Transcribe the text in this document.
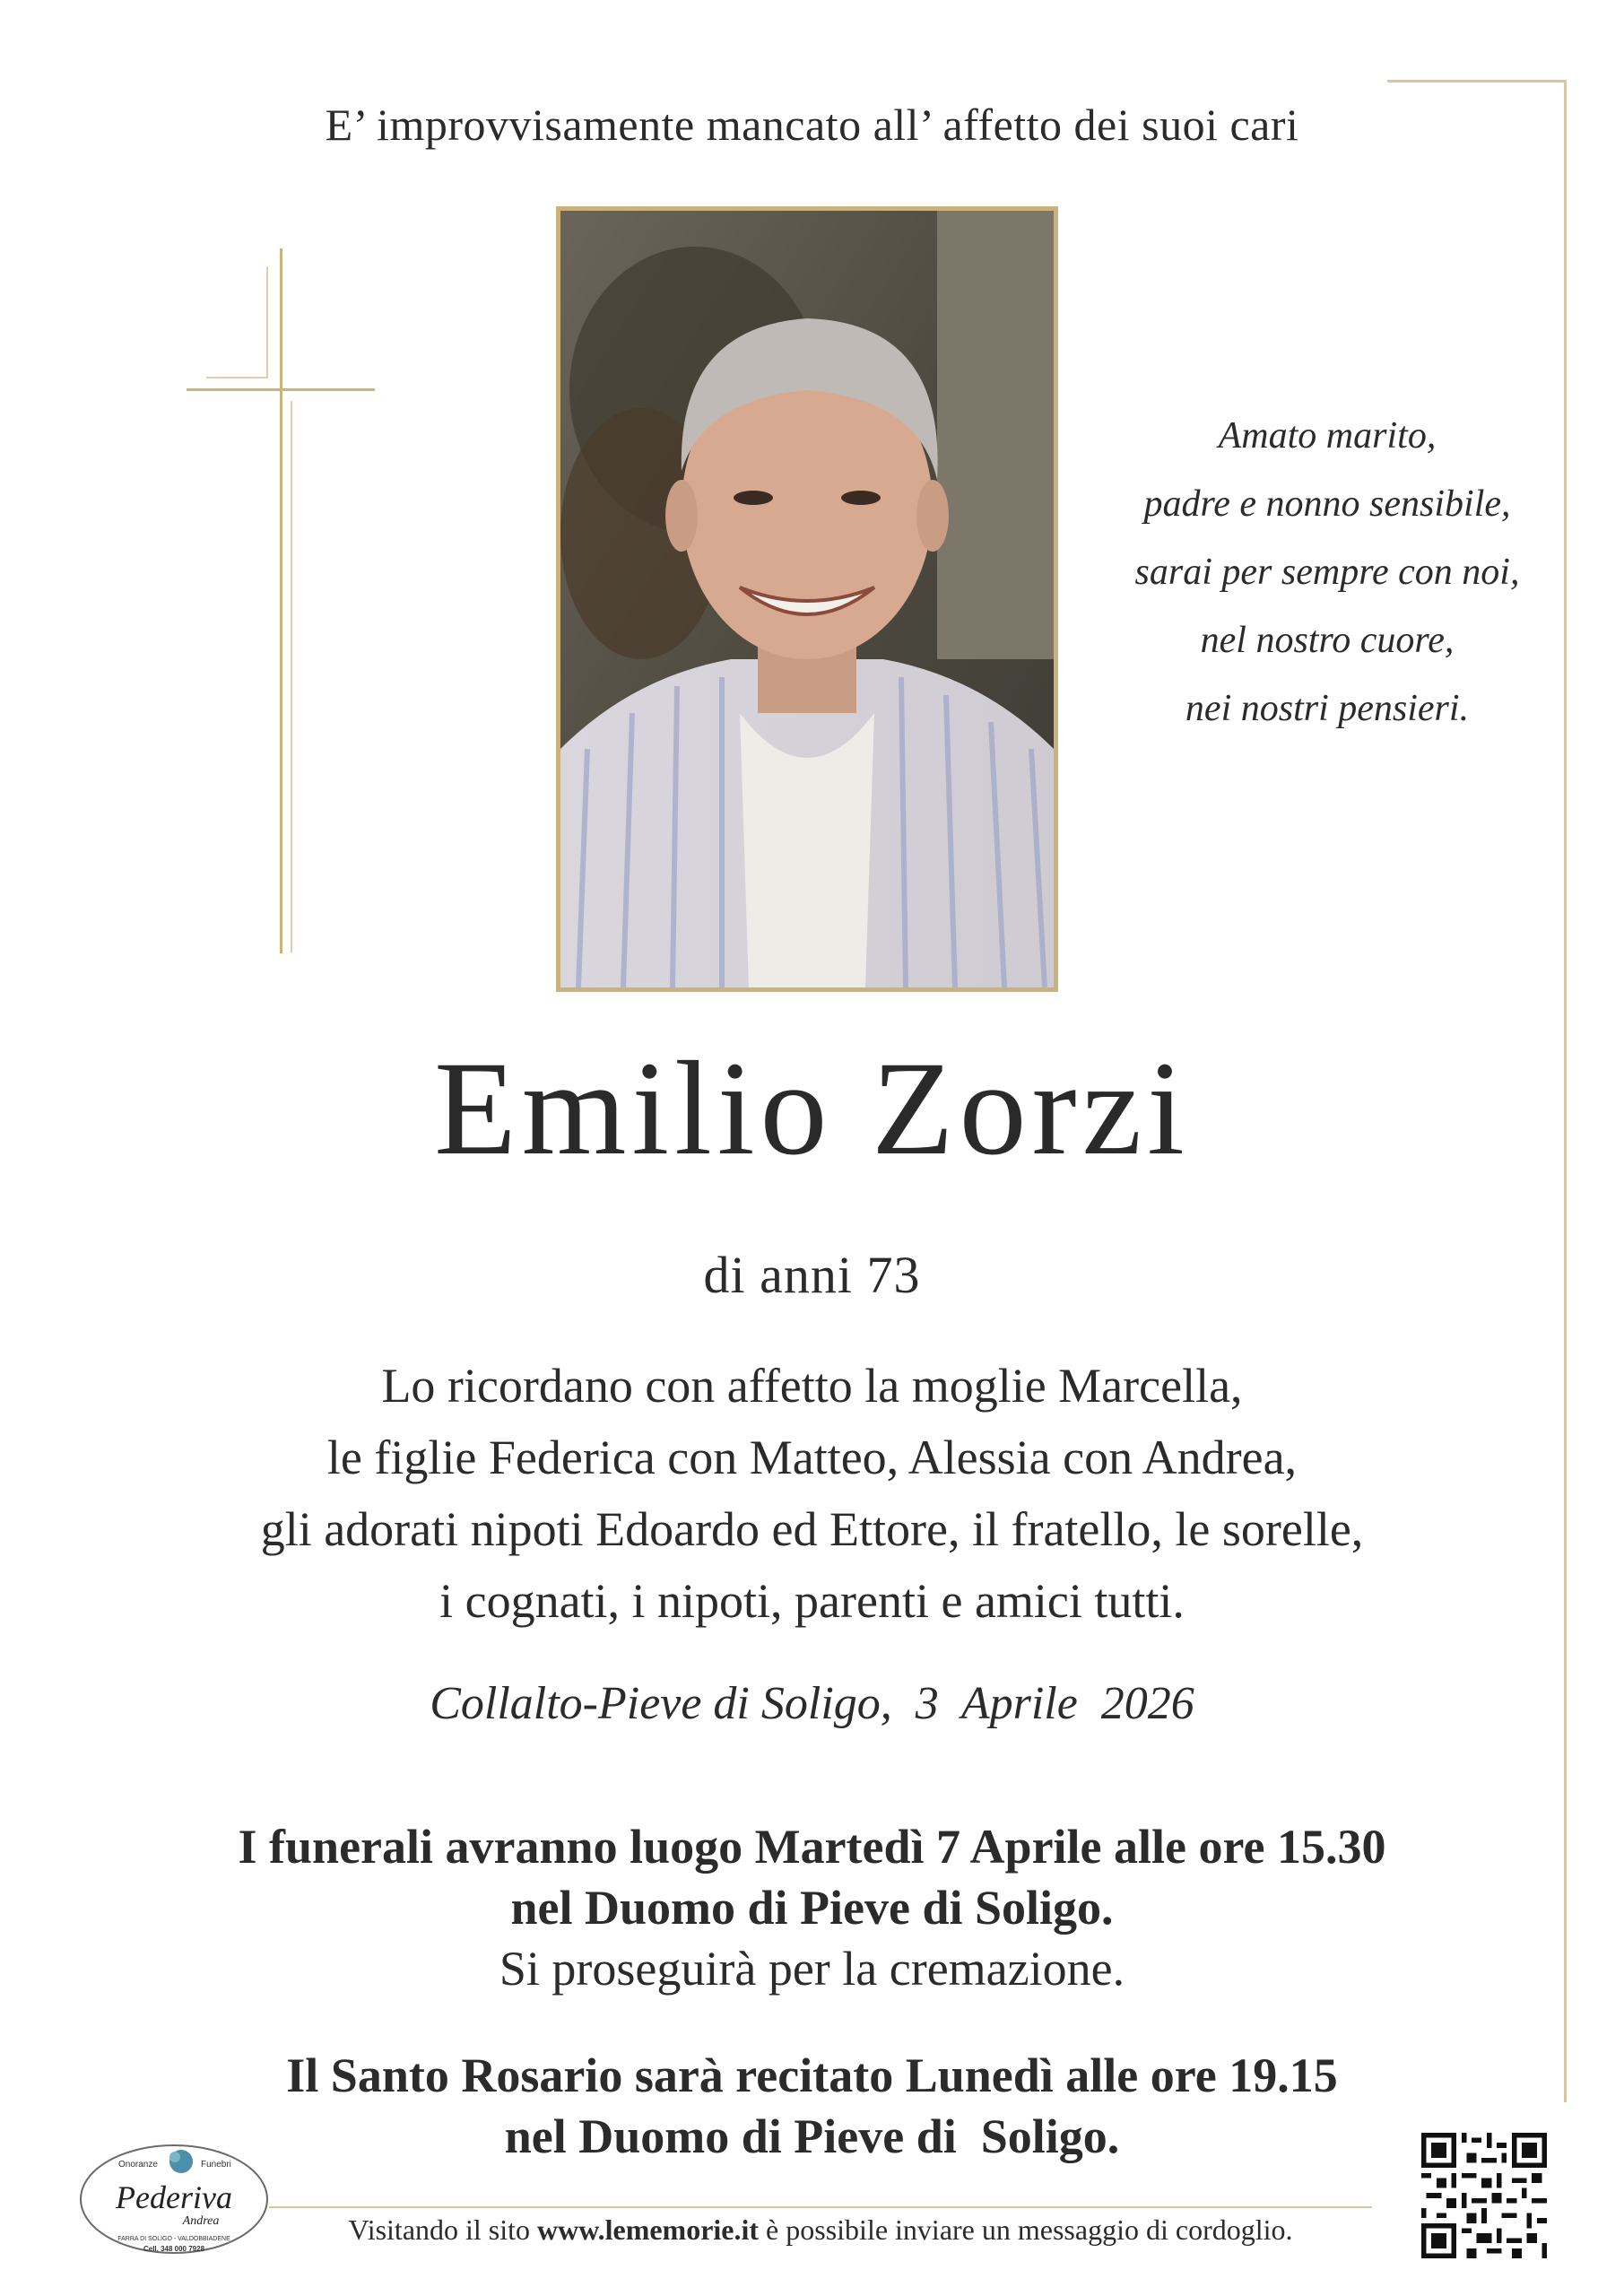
E’ improvvisamente mancato all’ affetto dei suoi cari
Amato marito,
padre e nonno sensibile,
sarai per sempre con noi,
nel nostro cuore,
nei nostri pensieri.
Emilio Zorzi
di anni 73
Lo ricordano con affetto la moglie Marcella,
le figlie Federica con Matteo, Alessia con Andrea,
gli adorati nipoti Edoardo ed Ettore, il fratello, le sorelle,
i cognati, i nipoti, parenti e amici tutti.
Collalto-Pieve di Soligo,  3  Aprile  2026
I funerali avranno luogo Martedì 7 Aprile alle ore 15.30
nel Duomo di Pieve di Soligo.
Si proseguirà per la cremazione.
Il Santo Rosario sarà recitato Lunedì alle ore 19.15
nel Duomo di Pieve di  Soligo.
Onoranze	Funebri
Pederiva
Andrea
FARRA DI SOLIGO - VALDOBBIADENE
Cell. 348 000 7928
Visitando il sito www.lememorie.it è possibile inviare un messaggio di cordoglio.
